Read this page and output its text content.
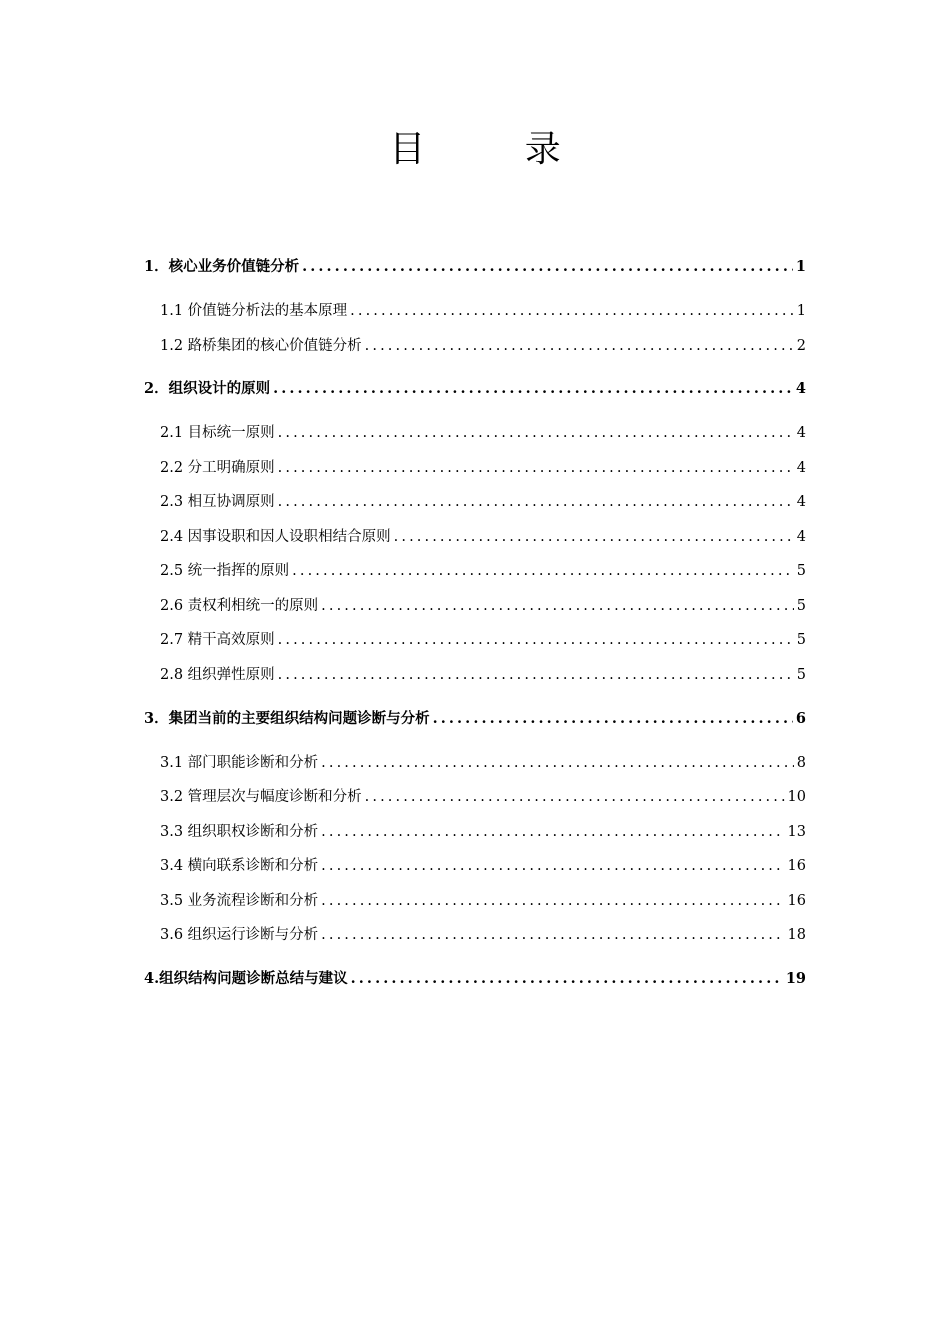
目 录
1．核心业务价值链分析 .....	1
1.1 价值链分析法的基本原理 .....	1
1.2 路桥集团的核心价值链分析 .....	2
2．组织设计的原则 .....	4
2.1 目标统一原则 .....	4
2.2 分工明确原则 .....	4
2.3 相互协调原则 .....	4
2.4 因事设职和因人设职相结合原则 .....	4
2.5 统一指挥的原则 .....	5
2.6 责权利相统一的原则 .....	5
2.7 精干高效原则 .....	5
2.8 组织弹性原则 .....	5
3．集团当前的主要组织结构问题诊断与分析 .....	6
3.1 部门职能诊断和分析 .....	8
3.2 管理层次与幅度诊断和分析 .....	10
3.3 组织职权诊断和分析 .....	13
3.4 横向联系诊断和分析 .....	16
3.5 业务流程诊断和分析 .....	16
3.6 组织运行诊断与分析 .....	18
4.组织结构问题诊断总结与建议 .....	19
